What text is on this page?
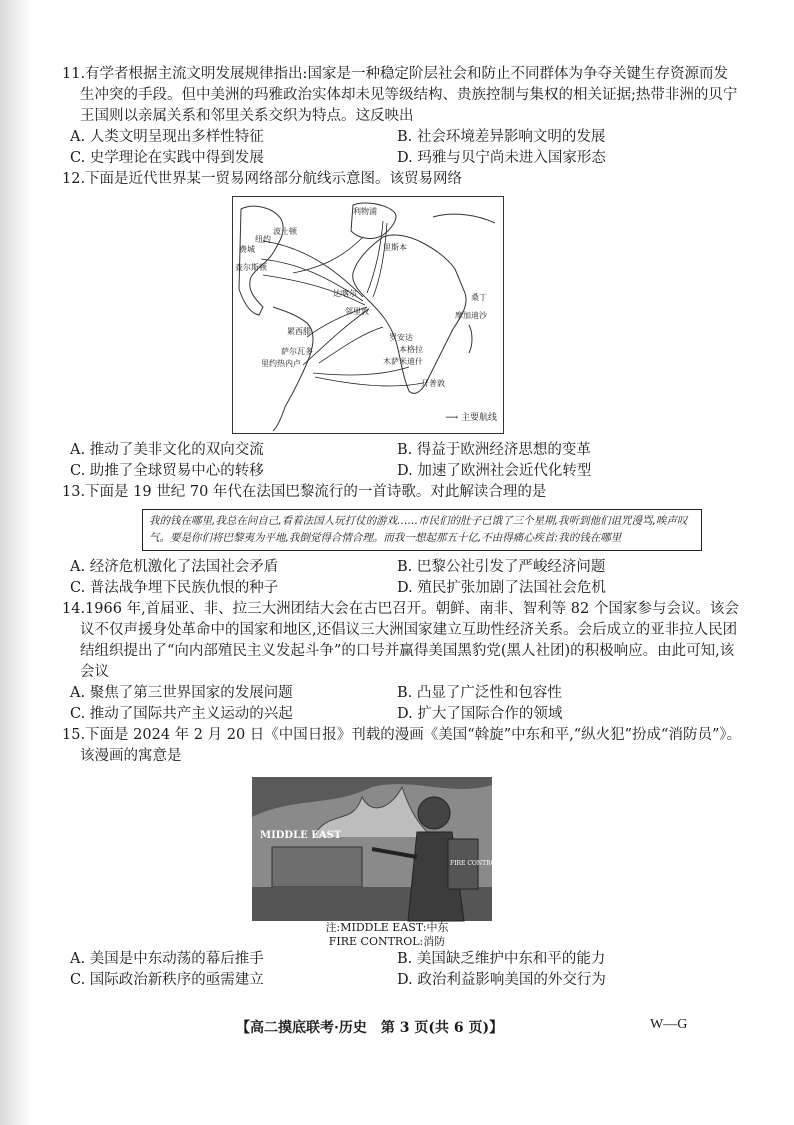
11.有学者根据主流文明发展规律指出:国家是一种稳定阶层社会和防止不同群体为争夺关键生存资源而发生冲突的手段。但中美洲的玛雅政治实体却未见等级结构、贵族控制与集权的相关证据;热带非洲的贝宁王国则以亲属关系和邻里关系交织为特点。这反映出
A. 人类文明呈现出多样性特征	B. 社会环境差异影响文明的发展
C. 史学理论在实践中得到发展	D. 玛雅与贝宁尚未进入国家形态
12.下面是近代世界某一贸易网络部分航线示意图。该贸易网络
利物浦
纽约
波士顿
费城
查尔斯顿
里斯本
达喀尔
邻里敦
累西腓
罗安达
萨尔瓦多	本格拉
里约热内卢	木萨米迪什
开普敦
桑丁
摩加迪沙
⟶ 主要航线
A. 推动了美非文化的双向交流	B. 得益于欧洲经济思想的变革
C. 助推了全球贸易中心的转移	D. 加速了欧洲社会近代化转型
13.下面是 19 世纪 70 年代在法国巴黎流行的一首诗歌。对此解读合理的是
我的钱在哪里,我总在问自己,看着法国人玩打仗的游戏……市民们的肚子已饿了三个星期,我听到他们诅咒漫骂,唉声叹气。要是你们将巴黎夷为平地,我倒觉得合情合理。而我一想起那五十亿,不由得痛心疾首:我的钱在哪里
A. 经济危机激化了法国社会矛盾	B. 巴黎公社引发了严峻经济问题
C. 普法战争埋下民族仇恨的种子	D. 殖民扩张加剧了法国社会危机
14.1966 年,首届亚、非、拉三大洲团结大会在古巴召开。朝鲜、南非、智利等 82 个国家参与会议。该会议不仅声援身处革命中的国家和地区,还倡议三大洲国家建立互助性经济关系。会后成立的亚非拉人民团结组织提出了“向内部殖民主义发起斗争”的口号并赢得美国黑豹党(黑人社团)的积极响应。由此可知,该会议
A. 聚焦了第三世界国家的发展问题	B. 凸显了广泛性和包容性
C. 推动了国际共产主义运动的兴起	D. 扩大了国际合作的领域
15.下面是 2024 年 2 月 20 日《中国日报》刊载的漫画《美国“斡旋”中东和平,“纵火犯”扮成“消防员”》。该漫画的寓意是
MIDDLE EAST
FIRE CONTROL
注:MIDDLE EAST:中东
FIRE CONTROL:消防
A. 美国是中东动荡的幕后推手	B. 美国缺乏维护中东和平的能力
C. 国际政治新秩序的亟需建立	D. 政治利益影响美国的外交行为
【高二摸底联考·历史　第 3 页(共 6 页)】	W—G
